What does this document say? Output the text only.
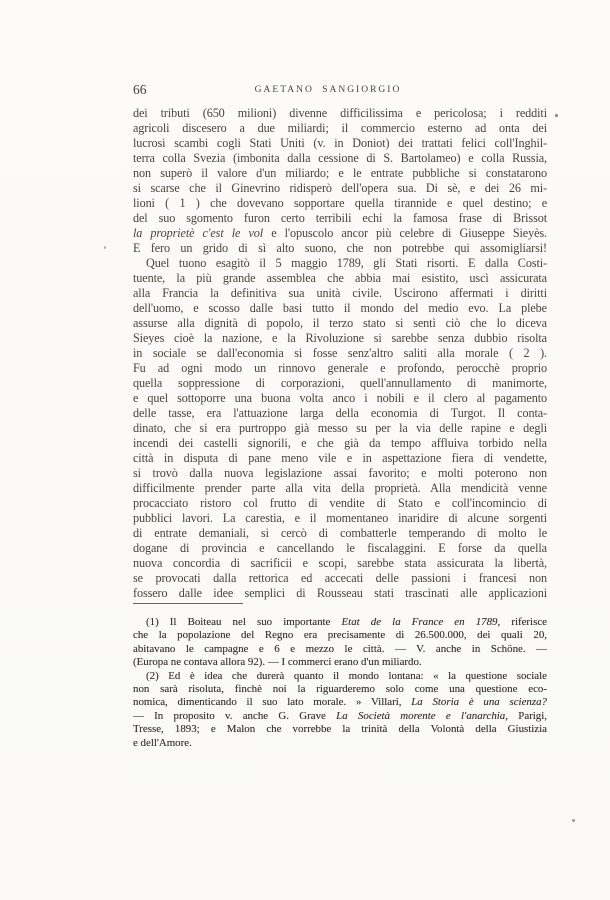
66	GAETANO SANGIORGIO
dei tributi (650 milioni) divenne difficilissima e pericolosa; i redditi
agricoli discesero a due miliardi; il commercio esterno ad onta dei
lucrosi scambi cogli Stati Uniti (v. in Doniot) dei trattati felici coll'Inghil-
terra colla Svezia (imbonita dalla cessione di S. Bartolameo) e colla Russia,
non superò il valore d'un miliardo; e le entrate pubbliche si constatarono
si scarse che il Ginevrino ridisperò dell'opera sua. Di sè, e dei 26 mi-
lioni ( 1 ) che dovevano sopportare quella tirannide e quel destino; e
del suo sgomento furon certo terribili echi la famosa frase di Brissot
la proprietè c'est le vol e l'opuscolo ancor più celebre di Giuseppe Sieyès.
E fero un grido di sì alto suono, che non potrebbe qui assomigliarsi!
Quel tuono esagitò il 5 maggio 1789, gli Stati risorti. E dalla Costi-
tuente, la più grande assemblea che abbia mai esistito, uscì assicurata
alla Francia la definitiva sua unità civile. Uscirono affermati i diritti
dell'uomo, e scosso dalle basi tutto il mondo del medio evo. La plebe
assurse alla dignità di popolo, il terzo stato si sentì ciò che lo diceva
Sieyes cioè la nazione, e la Rivoluzione si sarebbe senza dubbio risolta
in sociale se dall'economia si fosse senz'altro saliti alla morale ( 2 ).
Fu ad ogni modo un rinnovo generale e profondo, perocchè proprio
quella soppressione di corporazioni, quell'annullamento di manimorte,
e quel sottoporre una buona volta anco i nobili e il clero al pagamento
delle tasse, era l'attuazione larga della economia di Turgot. Il conta-
dinato, che si era purtroppo già messo su per la via delle rapine e degli
incendi dei castelli signorili, e che già da tempo affluiva torbido nella
città in disputa di pane meno vile e in aspettazione fiera di vendette,
si trovò dalla nuova legislazione assai favorito; e molti poterono non
difficilmente prender parte alla vita della proprietà. Alla mendicità venne
procacciato ristoro col frutto di vendite di Stato e coll'incomincio di
pubblici lavori. La carestia, e il momentaneo inaridire di alcune sorgenti
di entrate demaniali, si cercò di combatterle temperando di molto le
dogane di provincia e cancellando le fiscalaggini. E forse da quella
nuova concordia di sacrificii e scopi, sarebbe stata assicurata la libertà,
se provocati dalla rettorica ed accecati delle passioni i francesi non
fossero dalle idee semplici di Rousseau stati trascinati alle applicazioni
(1) Il Boiteau nel suo importante Etat de la France en 1789, riferisce
che la popolazione del Regno era precisamente di 26.500.000, dei quali 20,
abitavano le campagne e 6 e mezzo le città. — V. anche in Schöne. —
(Europa ne contava allora 92). — I commerci erano d'un miliardo.
(2) Ed è idea che durerà quanto il mondo lontana: « la questione sociale
non sarà risoluta, finchè noi la riguarderemo solo come una questione eco-
nomica, dimenticando il suo lato morale. » Villari, La Storia è una scienza?
— In proposito v. anche G. Grave La Società morente e l'anarchia, Parigi,
Tresse, 1893; e Malon che vorrebbe la trinità della Volontà della Giustizia
e dell'Amore.
